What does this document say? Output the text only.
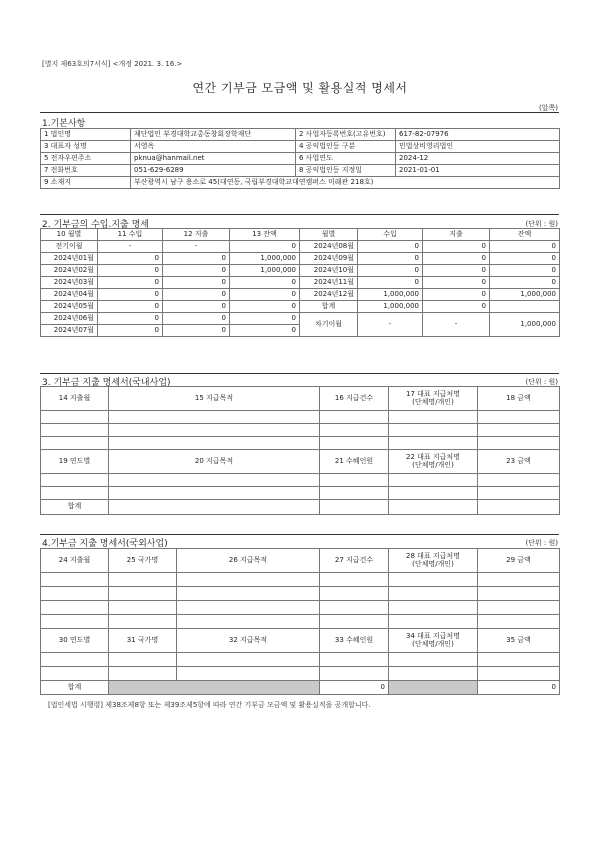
[별지 제63호의7서식] <개정 2021. 3. 16.>
연간 기부금 모금액 및 활용실적 명세서
(앞쪽)
1.기본사항
1 법인명	재단법인 부경대학교총동창회장학재단	2 사업자등록번호(고유번호)	617-82-07976
3 대표자 성명	서영옥	4 공익법인등 구분	민법상비영리법인
5 전자우편주소	pknua@hanmail.net	6 사업연도	2024-12
7 전화번호	051-629-6289	8 공익법인등 지정일	2021-01-01
9 소재지	부산광역시 남구 용소로 45(대연동, 국립부경대학교대연캠퍼스 미래관 218호)		
2. 기부금의 수입.지출 명세	(단위 : 원)
10 월별	11 수입	12 지출	13 잔액	월별	수입	지출	잔액
전기이월	-	-	0	2024년08월	0	0	0
2024년01월	0	0	1,000,000	2024년09월	0	0	0
2024년02월	0	0	1,000,000	2024년10월	0	0	0
2024년03월	0	0	0	2024년11월	0	0	0
2024년04월	0	0	0	2024년12월	1,000,000	0	1,000,000
2024년05월	0	0	0	합계	1,000,000	0	
2024년06월	0	0	0	차기이월	-	-	1,000,000
2024년07월	0	0	0				
3. 기부금 지출 명세서(국내사업)	(단위 : 원)
14 지출월	15 지급목적	16 지급건수	17 대표 지급처명
(단체명/개인)	18 금액

19 연도별	20 지급목적	21 수혜인원	22 대표 지급처명
(단체명/개인)	23 금액

합계				
4.기부금 지출 명세서(국외사업)	(단위 : 원)
24 지출월	25 국가명	26 지급목적	27 지급건수	28 대표 지급처명
(단체명/개인)	29 금액

30 연도별	31 국가명	32 지급목적	33 수혜인원	34 대표 지급처명
(단체명/개인)	35 금액

합계			0		0
[법인세법 시행령] 제38조제8항 또는 제39조제5항에 따라 연간 기부금 모금액 및 활용실적을 공개합니다.
